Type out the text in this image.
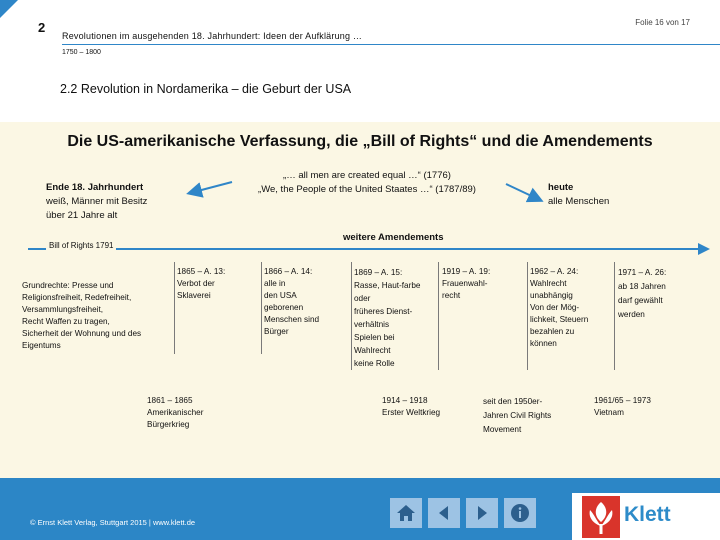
2
Revolutionen im ausgehenden 18. Jahrhundert: Ideen der Aufklärung …
Folie 16 von 17
1750 – 1800
2.2 Revolution in Nordamerika – die Geburt der USA
Die US-amerikanische Verfassung, die „Bill of Rights“ und die Amendements
Ende 18. Jahrhundert
weiß, Männer mit Besitz
über 21 Jahre alt
„… all men are created equal …“ (1776)
„We, the People of the United Staates …“ (1787/89)	heute
alle Menschen
weitere Amendements
Bill of Rights 1791
Grundrechte: Presse und
Religionsfreiheit, Redefreiheit,
Versammlungsfreiheit,
Recht Waffen zu tragen,
Sicherheit der Wohnung und des
Eigentums
1865 – A. 13:
Verbot der
Sklaverei
1866 – A. 14:
alle in
den USA
geborenen
Menschen sind
Bürger
1869 – A. 15:
Rasse, Haut-farbe
oder
früheres Dienst-
verhältnis
Spielen bei
Wahlrecht
keine Rolle
1919 – A. 19:
Frauenwahl-
recht
1962 – A. 24:
Wahlrecht
unabhängig
Von der Mög-
lichkeit, Steuern
bezahlen zu
können
1971 – A. 26:
ab 18 Jahren
darf gewählt
werden
1861 – 1865
Amerikanischer
Bürgerkrieg
1914 – 1918
Erster Weltkrieg
seit den 1950er-
Jahren Civil Rights
Movement
1961/65 – 1973
Vietnam
© Ernst Klett Verlag, Stuttgart 2015 | www.klett.de	Klett
